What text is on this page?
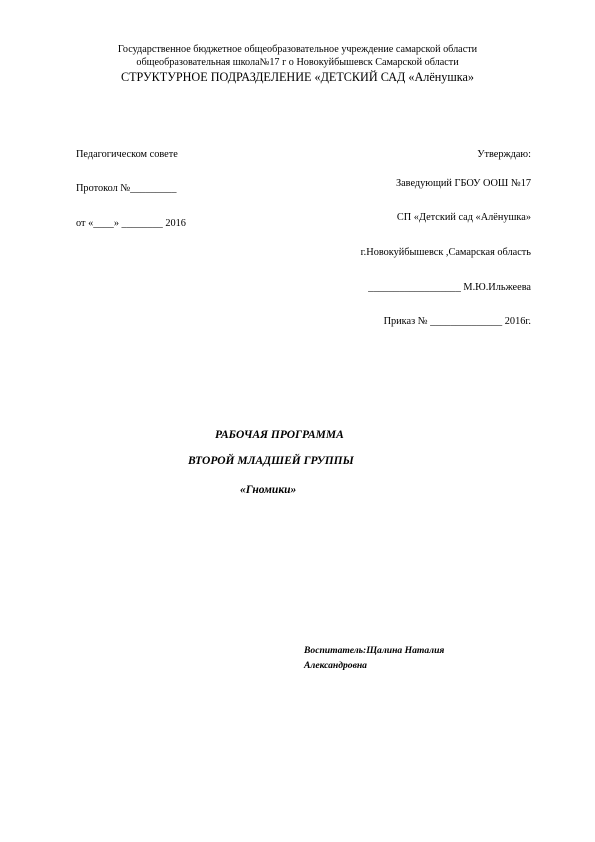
Государственное бюджетное общеобразовательное учреждение самарской области
общеобразовательная школа№17 г о Новокуйбышевск Самарской области
СТРУКТУРНОЕ ПОДРАЗДЕЛЕНИЕ «ДЕТСКИЙ САД «Алёнушка»
Педагогическом совете
Протокол №_________
от «____» ________ 2016
Утверждаю:
Заведующий ГБОУ ООШ №17
СП «Детский сад «Алёнушка»
г.Новокуйбышевск ,Самарская область
__________________ М.Ю.Ильжеева
Приказ № ______________ 2016г.
РАБОЧАЯ ПРОГРАММА
ВТОРОЙ МЛАДШЕЙ ГРУППЫ
«Гномики»
Воспитатель:Щалина Наталия
Александровна
